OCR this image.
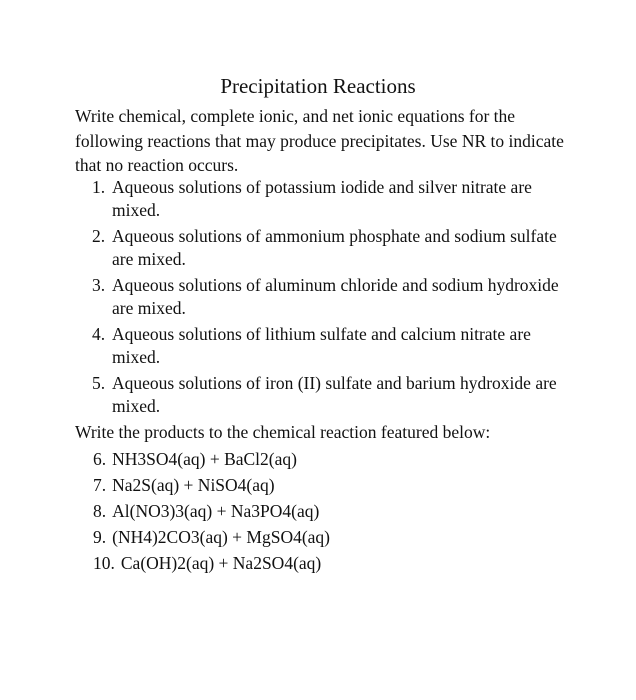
Precipitation Reactions
Write chemical, complete ionic, and net ionic equations for the following reactions that may produce precipitates. Use NR to indicate that no reaction occurs.
1. Aqueous solutions of potassium iodide and silver nitrate are mixed.
2. Aqueous solutions of ammonium phosphate and sodium sulfate are mixed.
3. Aqueous solutions of aluminum chloride and sodium hydroxide are mixed.
4. Aqueous solutions of lithium sulfate and calcium nitrate are mixed.
5. Aqueous solutions of iron (II) sulfate and barium hydroxide are mixed.
Write the products to the chemical reaction featured below:
6. NH3SO4(aq) + BaCl2(aq)
7. Na2S(aq) + NiSO4(aq)
8. Al(NO3)3(aq) + Na3PO4(aq)
9. (NH4)2CO3(aq) + MgSO4(aq)
10. Ca(OH)2(aq) + Na2SO4(aq)
